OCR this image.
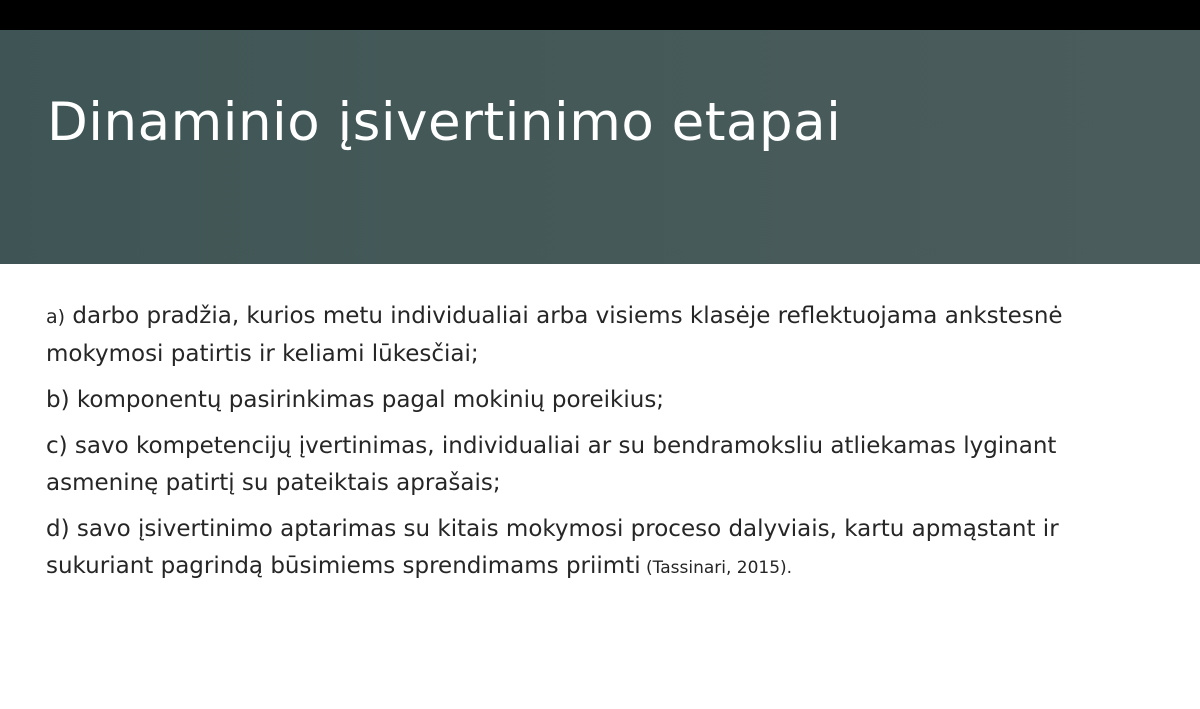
Dinaminio įsivertinimo etapai

a) darbo pradžia, kurios metu individualiai arba visiems klasėje reflektuojama ankstesnė mokymosi patirtis ir keliami lūkesčiai;

b) komponentų pasirinkimas pagal mokinių poreikius;

c) savo kompetencijų įvertinimas, individualiai ar su bendramoksliu atliekamas lyginant asmeninę patirtį su pateiktais aprašais;

d) savo įsivertinimo aptarimas su kitais mokymosi proceso dalyviais, kartu apmąstant ir sukuriant pagrindą būsimiems sprendimams priimti (Tassinari, 2015).
